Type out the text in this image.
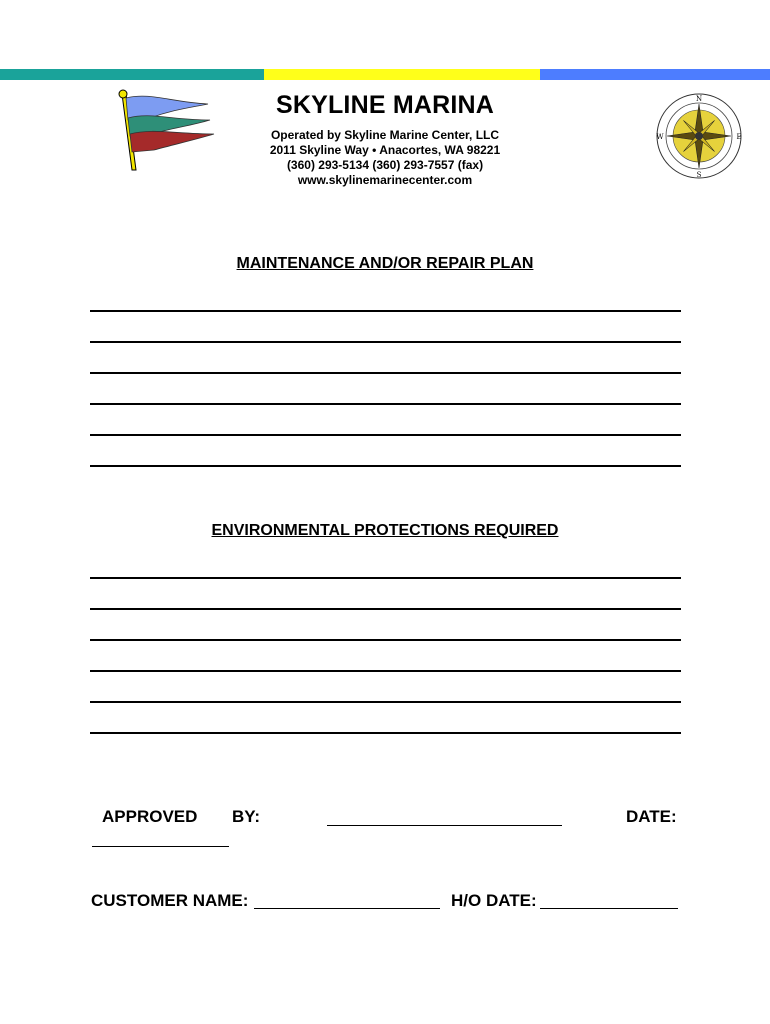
SKYLINE MARINA
Operated by Skyline Marine Center, LLC
2011 Skyline Way • Anacortes, WA 98221
(360) 293-5134 (360) 293-7557 (fax)
www.skylinemarinecenter.com
N
E
S
W
MAINTENANCE AND/OR REPAIR PLAN
ENVIRONMENTAL PROTECTIONS REQUIRED
APPROVED BY:	DATE:
CUSTOMER NAME:	H/O DATE:
